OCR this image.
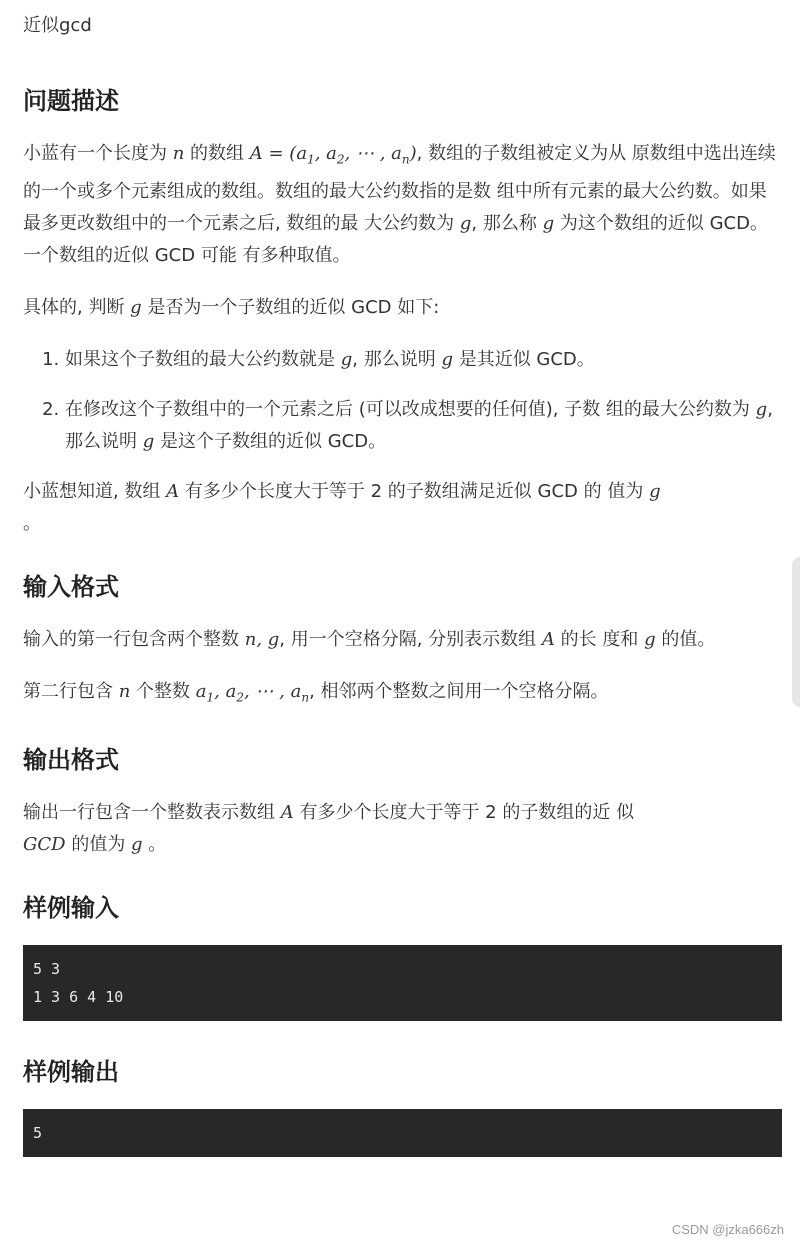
近似gcd
问题描述

小蓝有一个长度为 n 的数组 $A = (a_1$, $a_2$, ⋯ , $a_n$), 数组的子数组被定义为从 原数组中选出连续的一个或多个元素组成的数组。数组的最大公约数指的是数 组中所有元素的最大公约数。如果最多更改数组中的一个元素之后, 数组的最 大公约数为 g, 那么称 g 为这个数组的近似 GCD。一个数组的近似 GCD 可能 有多种取值。

具体的, 判断 g 是否为一个子数组的近似 GCD 如下:

1. 如果这个子数组的最大公约数就是 g, 那么说明 g 是其近似 GCD。
2. 在修改这个子数组中的一个元素之后 (可以改成想要的任何值), 子数 组的最大公约数为 g, 那么说明 g 是这个子数组的近似 GCD。

小蓝想知道, 数组 A 有多少个长度大于等于 2 的子数组满足近似 GCD 的 值为 g
。

输入格式

输入的第一行包含两个整数 n, g, 用一个空格分隔, 分别表示数组 A 的长 度和 g 的值。

第二行包含 n 个整数 $a_1$, $a_2$, ⋯ , $a_n$, 相邻两个整数之间用一个空格分隔。

输出格式

输出一行包含一个整数表示数组 A 有多少个长度大于等于 2 的子数组的近 似
GCD 的值为 g 。

样例输入
5 3
1 3 6 4 10
样例输出
5
CSDN @jzka666zh
